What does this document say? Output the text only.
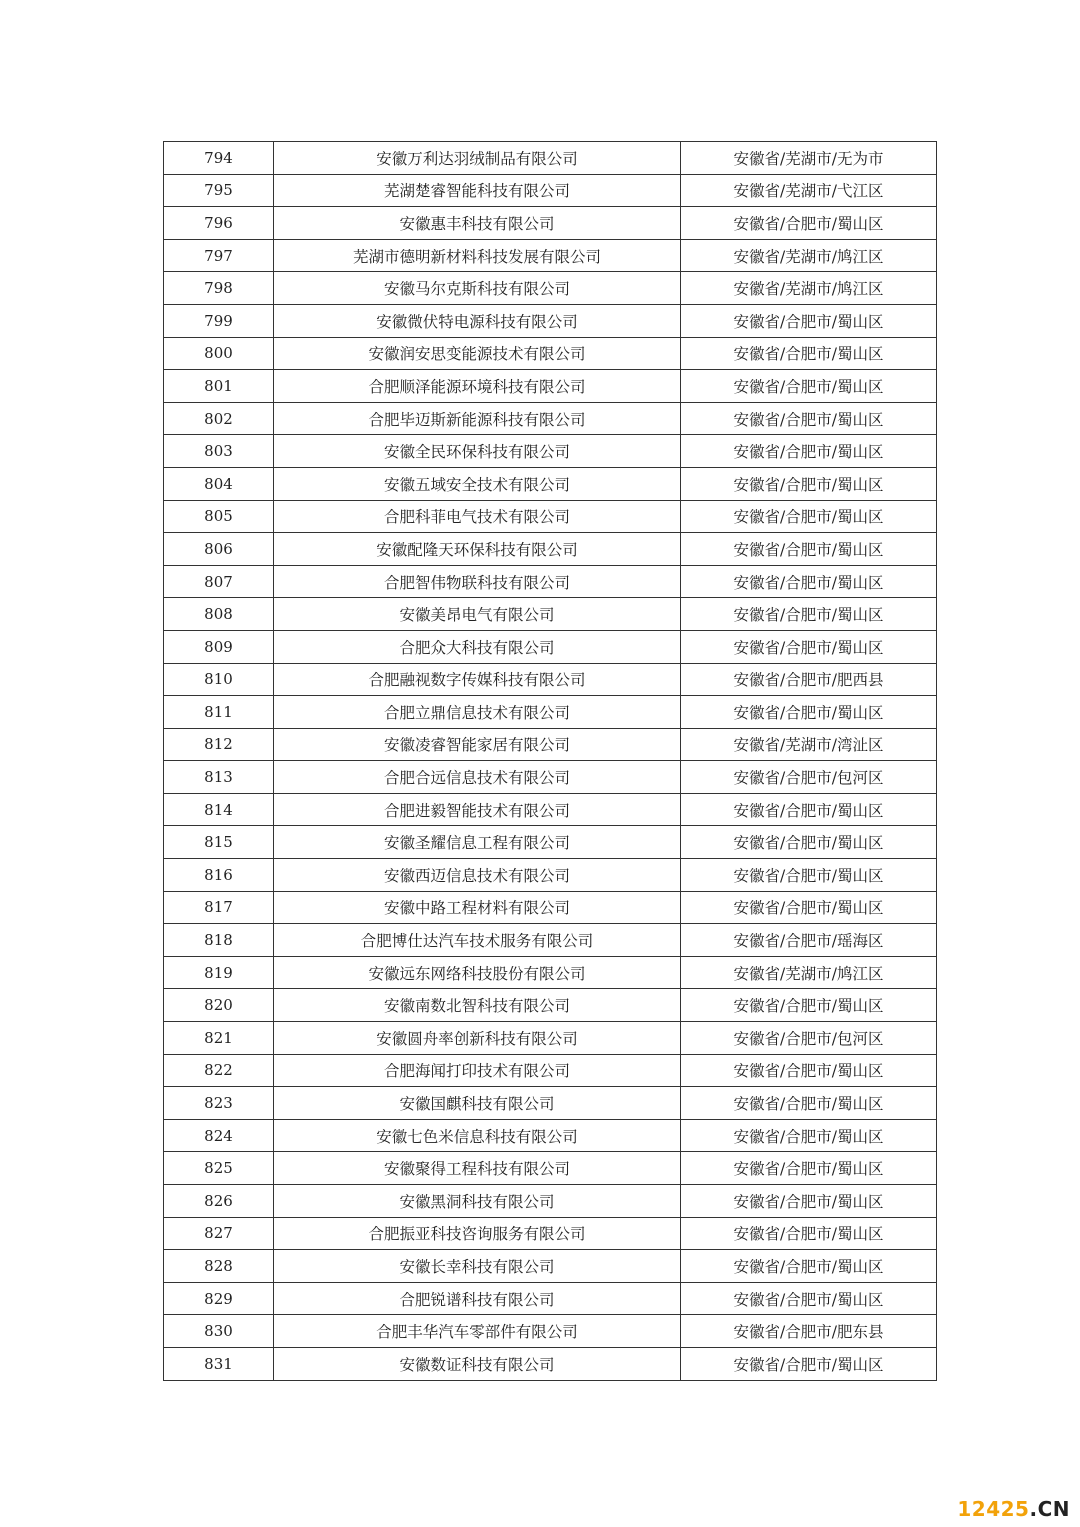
794	安徽万利达羽绒制品有限公司	安徽省/芜湖市/无为市
795	芜湖楚睿智能科技有限公司	安徽省/芜湖市/弋江区
796	安徽惠丰科技有限公司	安徽省/合肥市/蜀山区
797	芜湖市德明新材料科技发展有限公司	安徽省/芜湖市/鸠江区
798	安徽马尔克斯科技有限公司	安徽省/芜湖市/鸠江区
799	安徽微伏特电源科技有限公司	安徽省/合肥市/蜀山区
800	安徽润安思变能源技术有限公司	安徽省/合肥市/蜀山区
801	合肥顺泽能源环境科技有限公司	安徽省/合肥市/蜀山区
802	合肥毕迈斯新能源科技有限公司	安徽省/合肥市/蜀山区
803	安徽全民环保科技有限公司	安徽省/合肥市/蜀山区
804	安徽五域安全技术有限公司	安徽省/合肥市/蜀山区
805	合肥科菲电气技术有限公司	安徽省/合肥市/蜀山区
806	安徽配隆天环保科技有限公司	安徽省/合肥市/蜀山区
807	合肥智伟物联科技有限公司	安徽省/合肥市/蜀山区
808	安徽美昂电气有限公司	安徽省/合肥市/蜀山区
809	合肥众大科技有限公司	安徽省/合肥市/蜀山区
810	合肥融视数字传媒科技有限公司	安徽省/合肥市/肥西县
811	合肥立鼎信息技术有限公司	安徽省/合肥市/蜀山区
812	安徽凌睿智能家居有限公司	安徽省/芜湖市/湾沚区
813	合肥合远信息技术有限公司	安徽省/合肥市/包河区
814	合肥进毅智能技术有限公司	安徽省/合肥市/蜀山区
815	安徽圣耀信息工程有限公司	安徽省/合肥市/蜀山区
816	安徽西迈信息技术有限公司	安徽省/合肥市/蜀山区
817	安徽中路工程材料有限公司	安徽省/合肥市/蜀山区
818	合肥博仕达汽车技术服务有限公司	安徽省/合肥市/瑶海区
819	安徽远东网络科技股份有限公司	安徽省/芜湖市/鸠江区
820	安徽南数北智科技有限公司	安徽省/合肥市/蜀山区
821	安徽圆舟率创新科技有限公司	安徽省/合肥市/包河区
822	合肥海闻打印技术有限公司	安徽省/合肥市/蜀山区
823	安徽国麒科技有限公司	安徽省/合肥市/蜀山区
824	安徽七色米信息科技有限公司	安徽省/合肥市/蜀山区
825	安徽聚得工程科技有限公司	安徽省/合肥市/蜀山区
826	安徽黑洞科技有限公司	安徽省/合肥市/蜀山区
827	合肥振亚科技咨询服务有限公司	安徽省/合肥市/蜀山区
828	安徽长幸科技有限公司	安徽省/合肥市/蜀山区
829	合肥锐谱科技有限公司	安徽省/合肥市/蜀山区
830	合肥丰华汽车零部件有限公司	安徽省/合肥市/肥东县
831	安徽数证科技有限公司	安徽省/合肥市/蜀山区
12425.CN
